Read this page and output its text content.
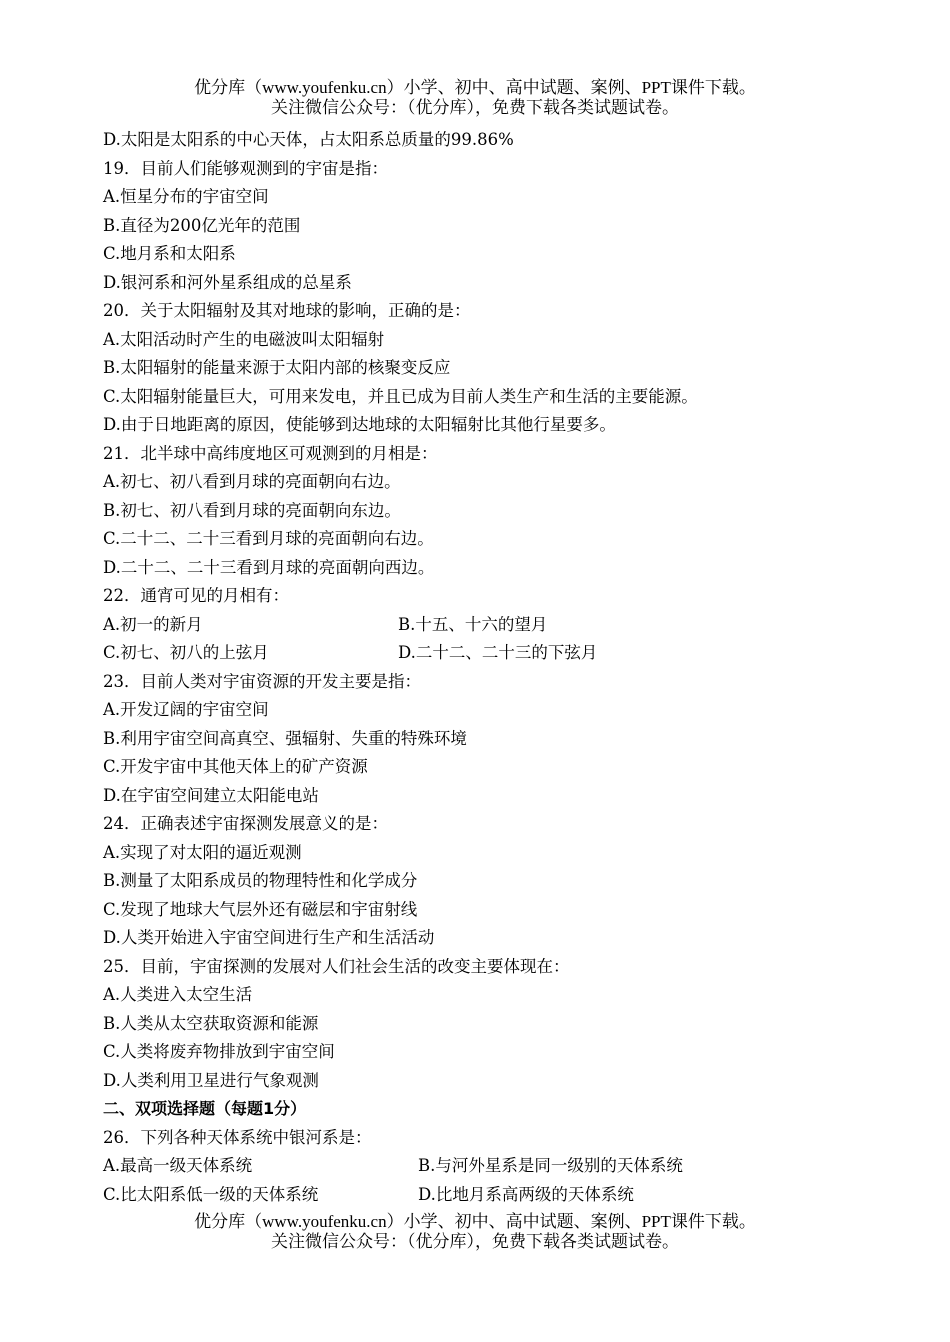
优分库（www.youfenku.cn）小学、初中、高中试题、案例、PPT课件下载。
关注微信公众号：（优分库），免费下载各类试题试卷。
D.太阳是太阳系的中心天体，占太阳系总质量的99.86%
19．目前人们能够观测到的宇宙是指：
A.恒星分布的宇宙空间
B.直径为200亿光年的范围
C.地月系和太阳系
D.银河系和河外星系组成的总星系
20．关于太阳辐射及其对地球的影响，正确的是：
A.太阳活动时产生的电磁波叫太阳辐射
B.太阳辐射的能量来源于太阳内部的核聚变反应
C.太阳辐射能量巨大，可用来发电，并且已成为目前人类生产和生活的主要能源。
D.由于日地距离的原因，使能够到达地球的太阳辐射比其他行星要多。
21．北半球中高纬度地区可观测到的月相是：
A.初七、初八看到月球的亮面朝向右边。
B.初七、初八看到月球的亮面朝向东边。
C.二十二、二十三看到月球的亮面朝向右边。
D.二十二、二十三看到月球的亮面朝向西边。
22．通宵可见的月相有：
A.初一的新月	B.十五、十六的望月
C.初七、初八的上弦月	D.二十二、二十三的下弦月
23．目前人类对宇宙资源的开发主要是指：
A.开发辽阔的宇宙空间
B.利用宇宙空间高真空、强辐射、失重的特殊环境
C.开发宇宙中其他天体上的矿产资源
D.在宇宙空间建立太阳能电站
24．正确表述宇宙探测发展意义的是：
A.实现了对太阳的逼近观测
B.测量了太阳系成员的物理特性和化学成分
C.发现了地球大气层外还有磁层和宇宙射线
D.人类开始进入宇宙空间进行生产和生活活动
25．目前，宇宙探测的发展对人们社会生活的改变主要体现在：
A.人类进入太空生活
B.人类从太空获取资源和能源
C.人类将废弃物排放到宇宙空间
D.人类利用卫星进行气象观测
二、双项选择题（每题1分）
26．下列各种天体系统中银河系是：
A.最高一级天体系统	B.与河外星系是同一级别的天体系统
C.比太阳系低一级的天体系统	D.比地月系高两级的天体系统
优分库（www.youfenku.cn）小学、初中、高中试题、案例、PPT课件下载。
关注微信公众号：（优分库），免费下载各类试题试卷。
